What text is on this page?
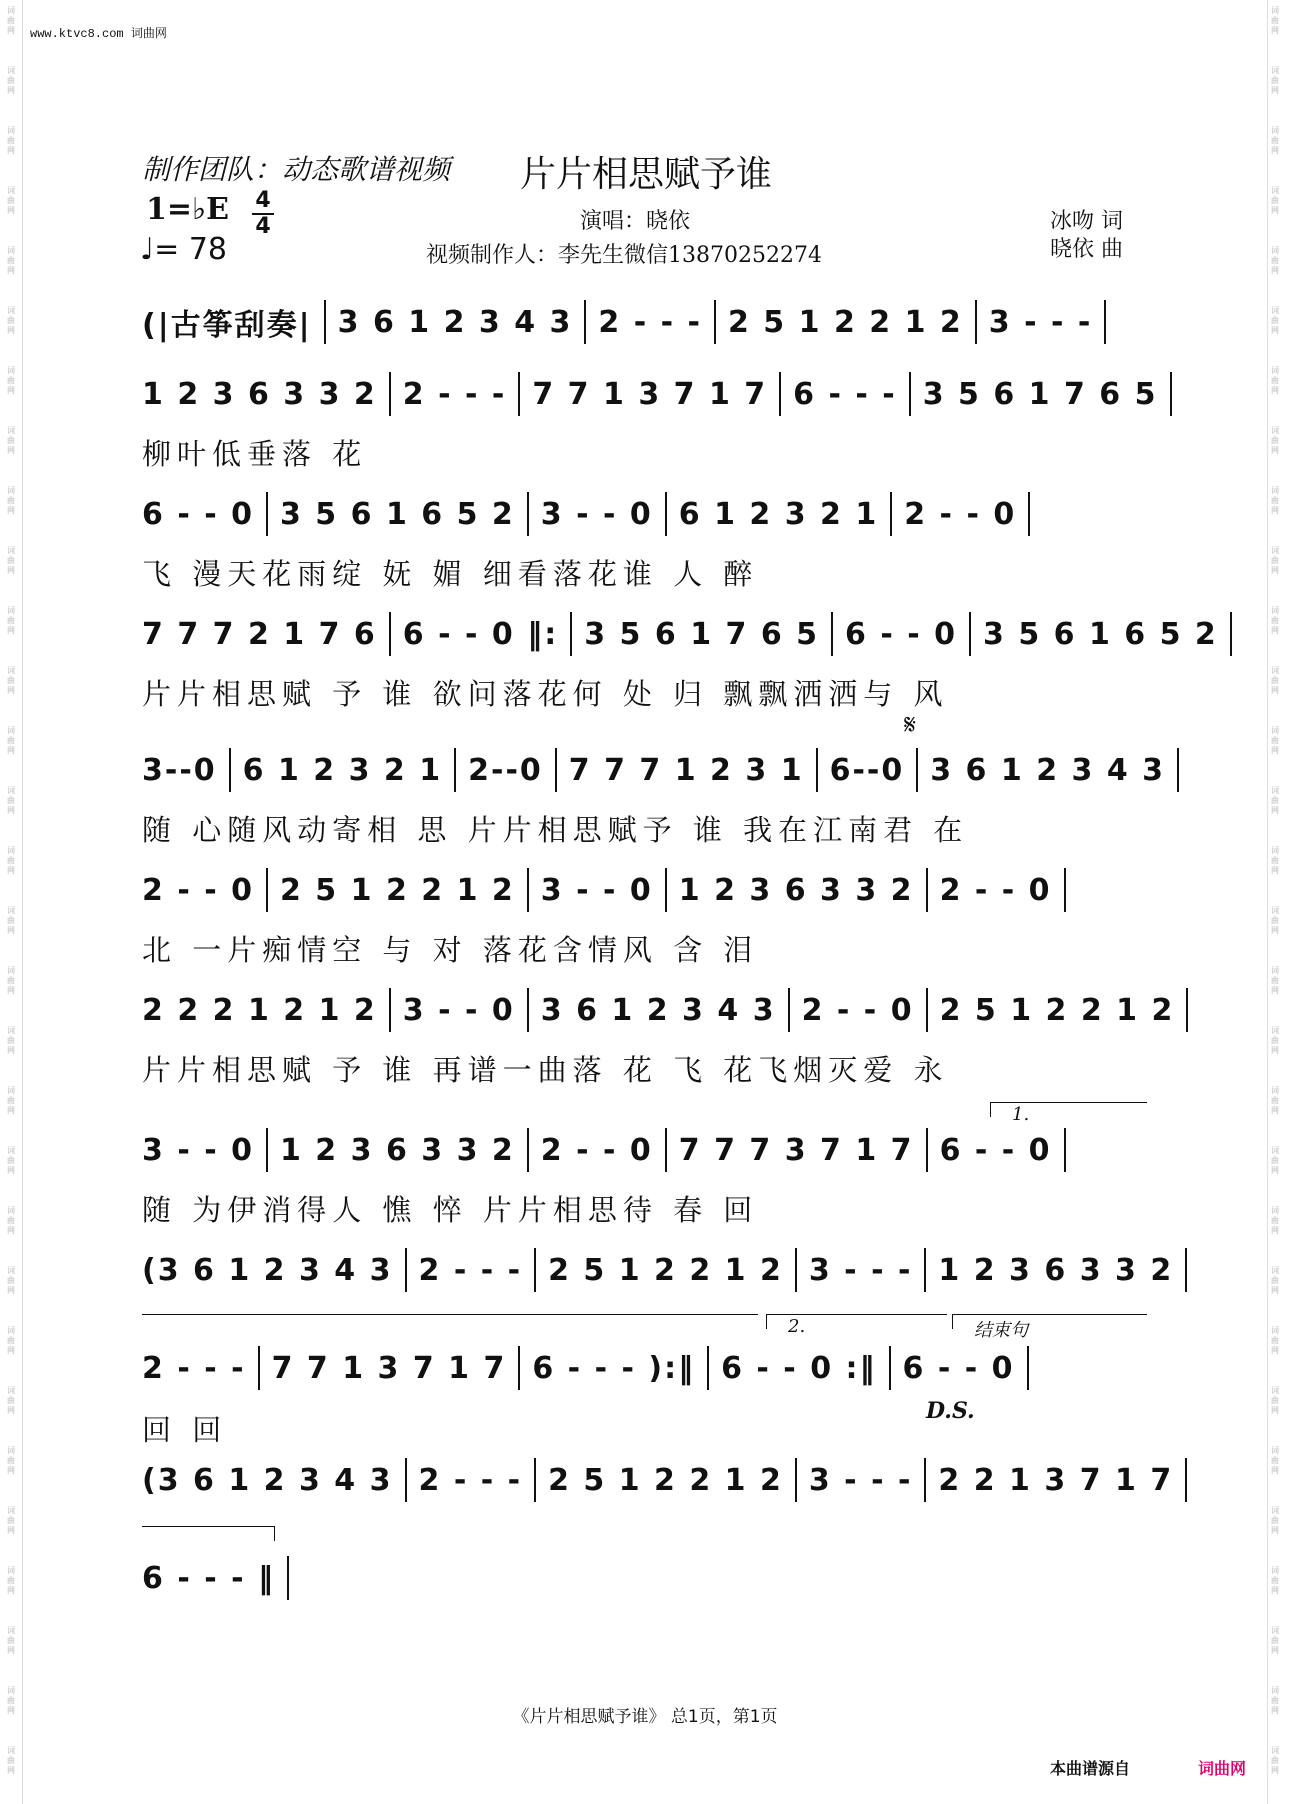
www.ktvc8.com 词曲网
制作团队：动态歌谱视频 片片相思赋予谁
1=♭E 4
4
♩= 78
演唱：晓依
视频制作人：李先生微信13870252274
冰吻 词
晓依 曲
(|古筝刮奏| 3 6 1 2 3 4 3 2 - - - 2 5 1 2 2 1 2 3 - - -
1 2 3 6 3 3 2 2 - - - 7 7 1 3 7 1 7 6 - - - 3 5 6 1 7 6 5
柳叶低垂落 花
6 - - 0 3 5 6 1 6 5 2 3 - - 0 6 1 2 3 2 1 2 - - 0
飞 漫天花雨绽 妩 媚 细看落花谁 人 醉
7 7 7 2 1 7 6 6 - - 0 ‖: 3 5 6 1 7 6 5 6 - - 0 3 5 6 1 6 5 2
片片相思赋 予 谁 欲问落花何 处 归 飘飘洒洒与 风
3--0 6 1 2 3 2 1 2--0 7 7 7 1 2 3 1 6--0 3 6 1 2 3 4 3
随 心随风动寄相 思 片片相思赋予 谁 我在江南君 在
2 - - 0 2 5 1 2 2 1 2 3 - - 0 1 2 3 6 3 3 2 2 - - 0
北 一片痴情空 与 对 落花含情风 含 泪
2 2 2 1 2 1 2 3 - - 0 3 6 1 2 3 4 3 2 - - 0 2 5 1 2 2 1 2
片片相思赋 予 谁 再谱一曲落 花 飞 花飞烟灭爱 永
3 - - 0 1 2 3 6 3 3 2 2 - - 0 7 7 7 3 7 1 7 6 - - 0
随 为伊消得人 憔 悴 片片相思待 春 回
(3 6 1 2 3 4 3 2 - - - 2 5 1 2 2 1 2 3 - - - 1 2 3 6 3 3 2
2 - - - 7 7 1 3 7 1 7 6 - - - ):‖ 6 - - 0 :‖ 6 - - 0
回 回
(3 6 1 2 3 4 3 2 - - - 2 5 1 2 2 1 2 3 - - - 2 2 1 3 7 1 7
6 - - - ‖
𝄋
D.S.
1.
2.	结束句
《片片相思赋予谁》 总1页，第1页
本曲谱源自	词曲网
词曲网
词曲网
词曲网
词曲网
词曲网
词曲网
词曲网
词曲网
词曲网
词曲网
词曲网
词曲网
词曲网
词曲网
词曲网
词曲网
词曲网
词曲网
词曲网
词曲网
词曲网
词曲网
词曲网
词曲网
词曲网
词曲网
词曲网
词曲网
词曲网
词曲网
词曲网
词曲网
词曲网
词曲网
词曲网
词曲网
词曲网
词曲网
词曲网
词曲网
词曲网
词曲网
词曲网
词曲网
词曲网
词曲网
词曲网
词曲网
词曲网
词曲网
词曲网
词曲网
词曲网
词曲网
词曲网
词曲网
词曲网
词曲网
词曲网
词曲网
